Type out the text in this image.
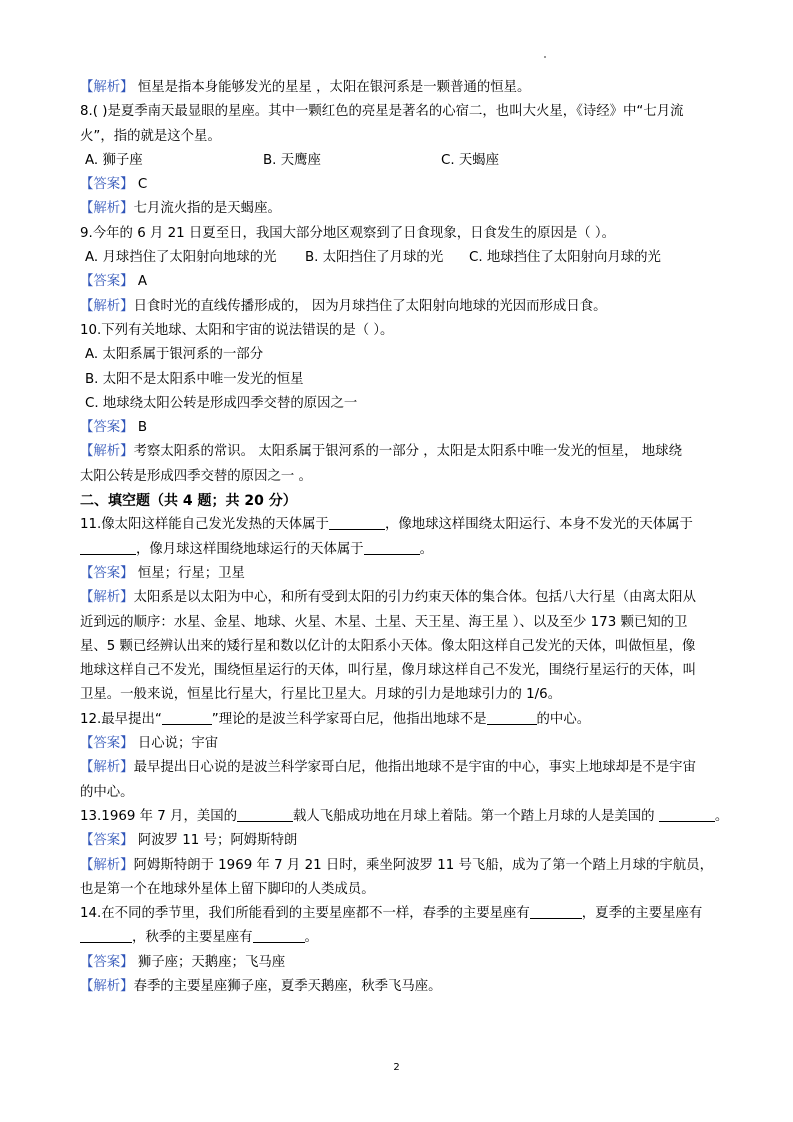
【解析】 恒星是指本身能够发光的星星 ，太阳在银河系是一颗普通的恒星。
8.( )是夏季南天最显眼的星座。其中一颗红色的亮星是著名的心宿二，也叫大火星，《诗经》中“七月流
火”，指的就是这个星。
A. 狮子座	B. 天鹰座	C. 天蝎座
【答案】 C
【解析】七月流火指的是天蝎座。
9.今年的 6 月 21 日夏至日，我国大部分地区观察到了日食现象，日食发生的原因是（ ）。
A. 月球挡住了太阳射向地球的光 B. 太阳挡住了月球的光 C. 地球挡住了太阳射向月球的光
【答案】 A
【解析】日食时光的直线传播形成的， 因为月球挡住了太阳射向地球的光因而形成日食。
10.下列有关地球、太阳和宇宙的说法错误的是（ ）。
A. 太阳系属于银河系的一部分
B. 太阳不是太阳系中唯一发光的恒星
C. 地球绕太阳公转是形成四季交替的原因之一
【答案】 B
【解析】考察太阳系的常识。 太阳系属于银河系的一部分 ，太阳是太阳系中唯一发光的恒星， 地球绕
太阳公转是形成四季交替的原因之一 。
二、填空题（共 4 题；共 20 分）
11.像太阳这样能自己发光发热的天体属于	，像地球这样围绕太阳运行、本身不发光的天体属于
，像月球这样围绕地球运行的天体属于	。
【答案】 恒星；行星；卫星
【解析】太阳系是以太阳为中心，和所有受到太阳的引力约束天体的集合体。包括八大行星（由离太阳从
近到远的顺序：水星、金星、地球、火星、木星、土星、天王星、海王星 ）、以及至少 173 颗已知的卫
星、5 颗已经辨认出来的矮行星和数以亿计的太阳系小天体。像太阳这样自己发光的天体，叫做恒星，像
地球这样自己不发光，围绕恒星运行的天体，叫行星，像月球这样自己不发光，围绕行星运行的天体，叫
卫星。一般来说，恒星比行星大，行星比卫星大。月球的引力是地球引力的 1/6。
12.最早提出“	”理论的是波兰科学家哥白尼，他指出地球不是	的中心。
【答案】 日心说；宇宙
【解析】最早提出日心说的是波兰科学家哥白尼，他指出地球不是宇宙的中心，事实上地球却是不是宇宙
的中心。
13.1969 年 7 月，美国的	载人飞船成功地在月球上着陆。第一个踏上月球的人是美国的	。
【答案】 阿波罗 11 号；阿姆斯特朗
【解析】阿姆斯特朗于 1969 年 7 月 21 日时，乘坐阿波罗 11 号飞船，成为了第一个踏上月球的宇航员，
也是第一个在地球外星体上留下脚印的人类成员。
14.在不同的季节里，我们所能看到的主要星座都不一样，春季的主要星座有	，夏季的主要星座有
，秋季的主要星座有	。
【答案】 狮子座；天鹅座；飞马座
【解析】春季的主要星座狮子座，夏季天鹅座，秋季飞马座。
2
